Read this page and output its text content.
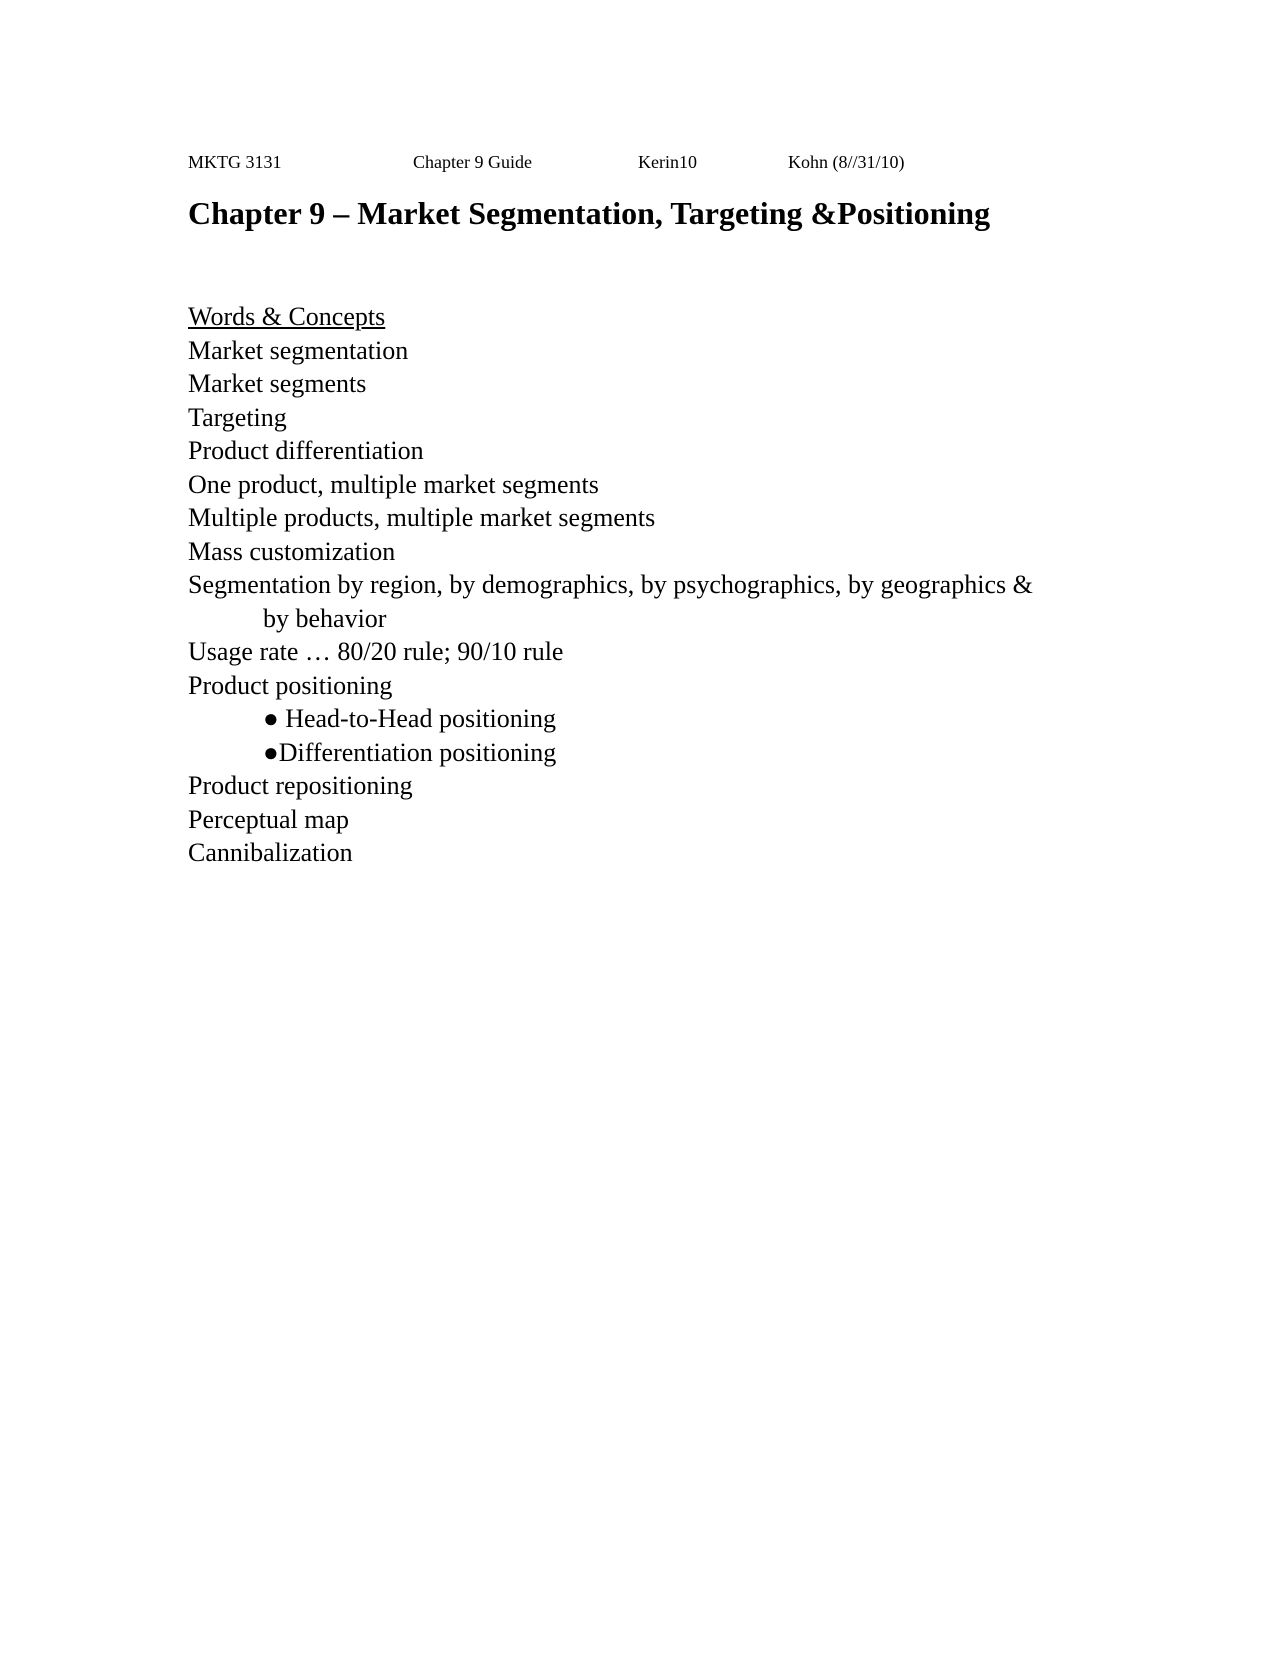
MKTG 3131	Chapter 9 Guide	Kerin10	Kohn (8//31/10)
Chapter 9 – Market Segmentation, Targeting &Positioning
Words & Concepts
Market segmentation
Market segments
Targeting
Product differentiation
One product, multiple market segments
Multiple products, multiple market segments
Mass customization
Segmentation by region, by demographics, by psychographics, by geographics & by behavior
Usage rate … 80/20 rule; 90/10 rule
Product positioning
● Head-to-Head positioning
●Differentiation positioning
Product repositioning
Perceptual map
Cannibalization
